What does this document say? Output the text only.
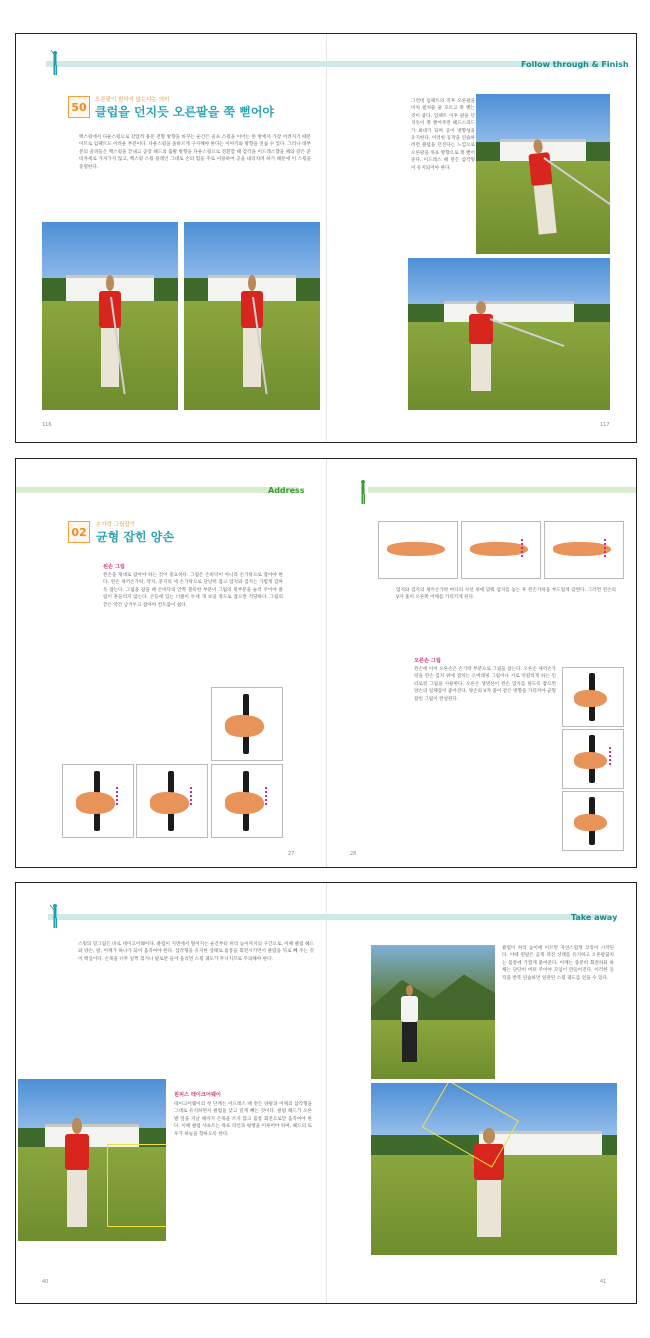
Follow through & Finish
50
오른팔이 원하지 않는다는 의미
클럽을 던지듯 오른팔을 쭉 뻗어야
백스윙에서 다운스윙으로 강압적 용문 전향 방향을 바꾸는 순간은 골프 스윙을 이어는 한 방에서 가장 어려지기 때문이므로 임팩트도 어려운 부분이다. 다운스윙을 올바르게 구사해야 한다는 이야기와 방향을 연습 수 있다. 그러나 대부분의 골퍼들은 백스윙을 끝내고 곧장 헤드의 출발 방향을 다운스윙으로 전환할 때 감각을 이드레스했을 때와 같은 준비자세로 가져가지 않고, 백스윙 스윙 플레인 그대로 손의 힘을 주로 이용하여 공을 내리치려 하기 때문에 이 스윙을 증명한다.
그런데 임팩트의 직후 오른팔을 미처 펼쳐줄 줄 모르고 쭉 뻗는 것이 좋다. 임팩트 이후 팔을 던지듯이 쭉 뻗어주면 헤드스피드가 최대가 되며 공이 방향성을 유지한다. 이러한 동작을 연습하려면 클럽을 던진다는 느낌으로 오른팔을 목표 방향으로 쭉 뻗어준다. 이드레스 때 만든 삼각형이 유지되어야 한다.
116	117
Address
02
손가락 그립잡기
균형 잡힌 양손
왼손 그립
왼손을 제대로 잡아야 하는 것이 중요하다. 그립은 손바닥이 아니라 손가락으로 잡아야 한다. 왼손 새끼손가락, 약지, 중지의 세 손가락으로 단단히 잡고 엄지와 검지는 가볍게 감싸듯 잡는다. 그립을 잡을 때 손바닥의 안쪽 볼록한 부분이 그립의 윗부분을 눌러 주어야 클럽이 흔들리지 않는다. 손등에 있는 너클이 두세 개 보일 정도로 잡으면 적당하다. 그립의 끝은 약간 남겨두고 잡아야 컨트롤이 쉽다.
엄지와 검지의 새끼손가락 마디의 사선 위에 맞춰 엄지를 놓는 후 왼손가락을 부드럽게 감싼다. 그러면 왼손의 V자 홈이 오른쪽 어깨를 가리키게 된다.
오른손 그립
왼손에 이어 오른손은 손가락 부분으로 그립을 잡는다. 오른손 새끼손가락을 왼손 검지 위에 겹치는 오버래핑 그립이나 서로 엇갈리게 하는 인터로킹 그립을 사용한다. 오른손 생명선이 왼손 엄지를 덮도록 잡으면 양손의 일체감이 좋아진다. 양손의 V자 홈이 같은 방향을 가리켜야 균형 잡힌 그립이 완성된다.
27	28
Take away
스윙의 밑그림은 바로 테이크어웨이다. 클럽이 지면에서 떨어지는 순간부터 허리 높이까지의 구간으로, 이때 클럽 헤드와 양손, 팔, 어깨가 하나가 되어 움직여야 한다. 삼각형을 유지한 상태로 몸통을 회전시키면서 클럽을 뒤로 빼 주는 것이 핵심이다. 손목을 너무 일찍 꺾거나 팔로만 들어 올리면 스윙 궤도가 무너지므로 주의해야 한다.
원피스 테이크어웨이
테이크어웨이의 첫 단계는 어드레스 때 만든 양팔과 어깨의 삼각형을 그대로 유지하면서 클럽을 낮고 길게 빼는 것이다. 클럽 헤드가 오른발 앞을 지날 때까지 손목을 쓰지 않고 몸통 회전으로만 움직여야 한다. 이때 클럽 샤프트는 목표 라인과 평행을 이루어야 하며, 헤드의 토우가 하늘을 향하도록 한다.
클럽이 허리 높이에 이르면 자연스럽게 코킹이 시작된다. 이때 왼팔은 곧게 펴진 상태를 유지하고 오른팔꿈치는 몸통에 가깝게 붙여준다. 어깨는 충분히 회전하되 하체는 단단히 버텨 주어야 꼬임이 만들어진다. 이러한 동작을 반복 연습하면 일관된 스윙 궤도를 얻을 수 있다.
40	41
